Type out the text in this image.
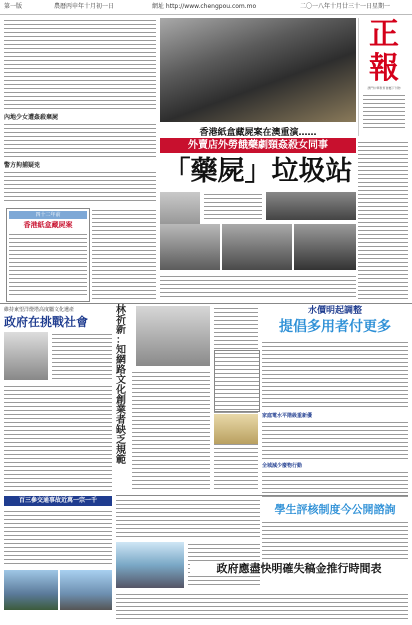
第一版	農曆丙申年十月初一日	網址 http://www.chengpou.com.mo	二〇一八年十月廿三十一日 星期一
內地少女遭姦殺棄屍
警方拘捕疑兇
四十二年前
香港紙盒藏屍案
正
報
澳門中華教育會屬下刊物
香港紙盒藏屍案在澳重演……
外賣店外勞餓藥劇頸姦殺女同事
「藥屍」垃圾站
維持東望洋燈塔高度屬文化遺產
政府在挑戰社會
百三參交通事故近萬一宗一千
林 祈 新 ： 知 網 路 文 化 創 業 者 缺 乏 規 範
水價明起調整
提倡多用者付更多
家庭電水平階級重新優
全城減少廢物行動
學生評核制度今公開諮詢
政府應盡快明確失稿金推行時間表
